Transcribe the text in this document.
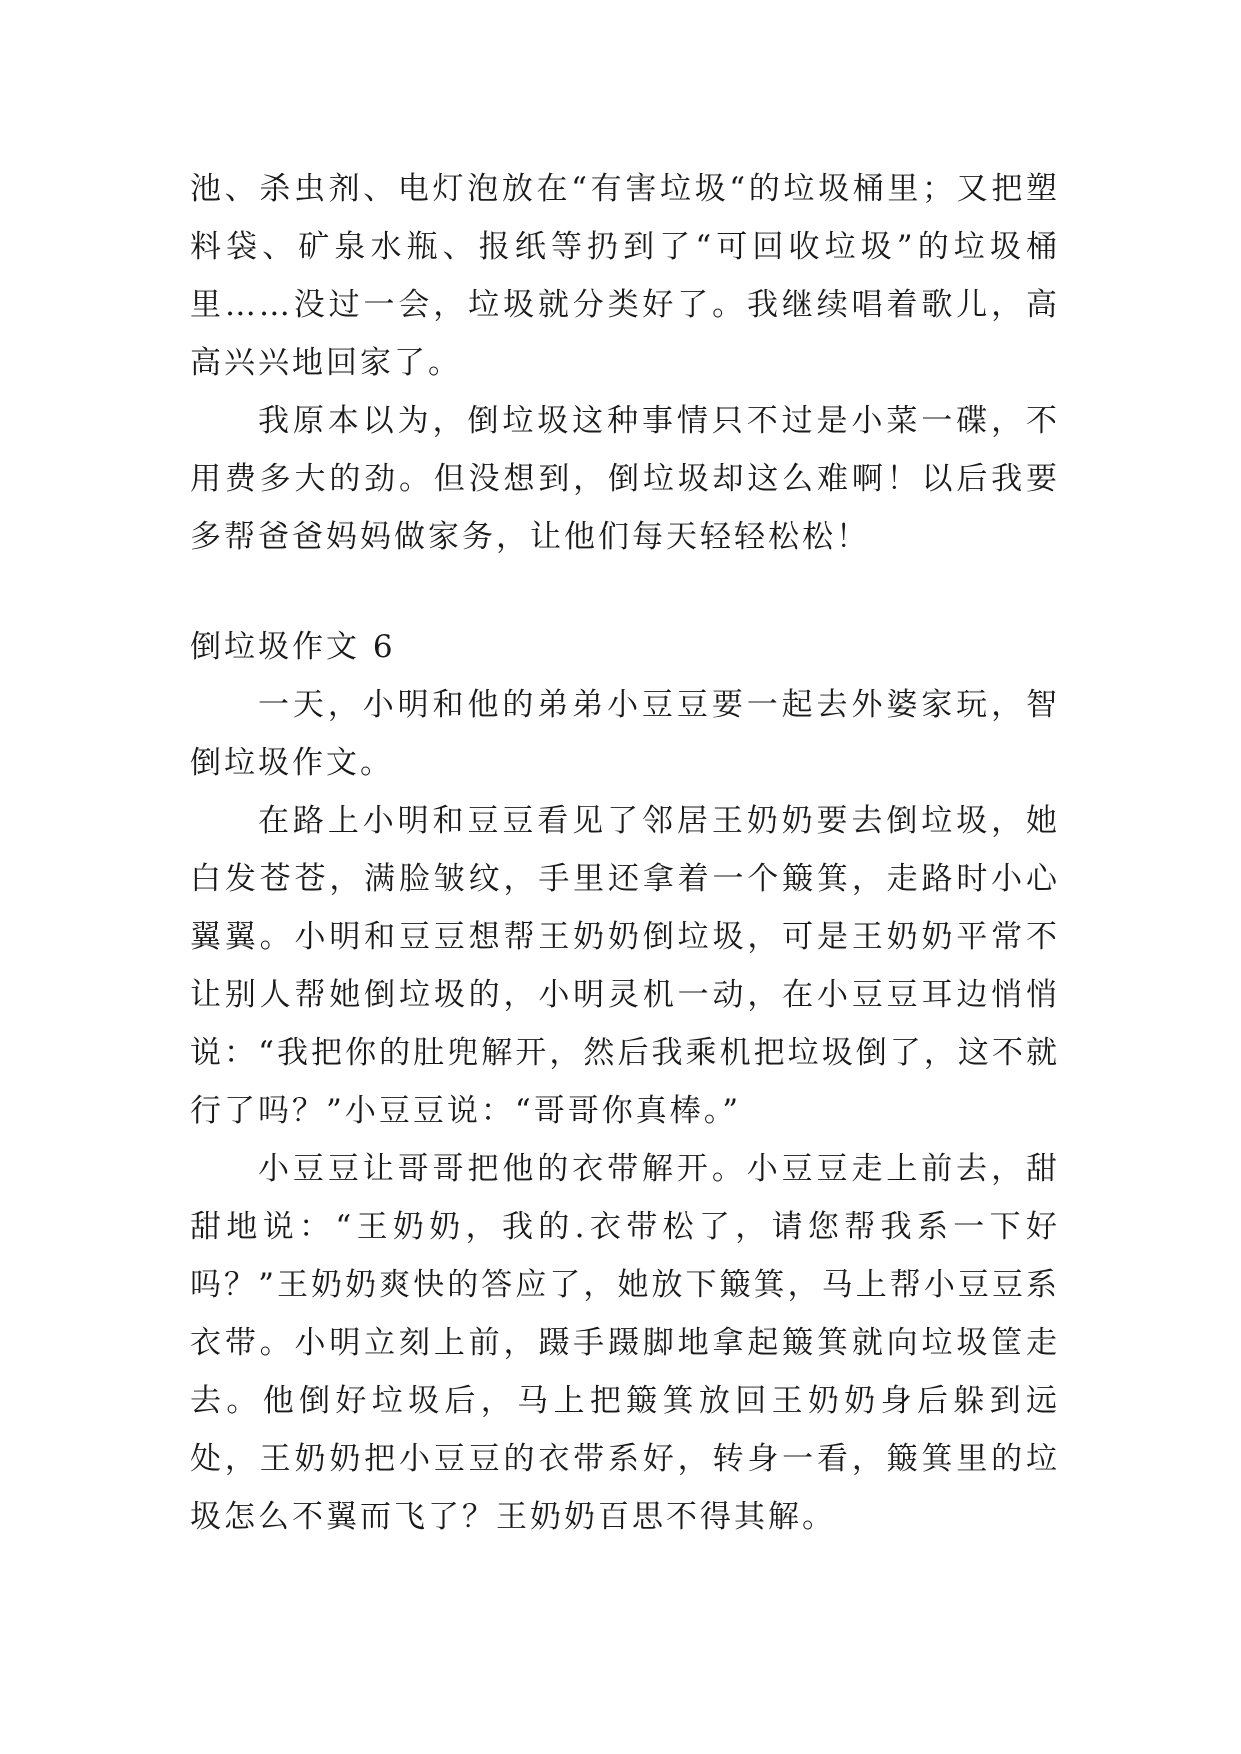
池、杀虫剂、电灯泡放在“有害垃圾“的垃圾桶里；又把塑料袋、矿泉水瓶、报纸等扔到了“可回收垃圾”的垃圾桶里……没过一会，垃圾就分类好了。我继续唱着歌儿，高高兴兴地回家了。

我原本以为，倒垃圾这种事情只不过是小菜一碟，不用费多大的劲。但没想到，倒垃圾却这么难啊！以后我要多帮爸爸妈妈做家务，让他们每天轻轻松松！

倒垃圾作文 6

一天，小明和他的弟弟小豆豆要一起去外婆家玩，智倒垃圾作文。

在路上小明和豆豆看见了邻居王奶奶要去倒垃圾，她白发苍苍，满脸皱纹，手里还拿着一个簸箕，走路时小心翼翼。小明和豆豆想帮王奶奶倒垃圾，可是王奶奶平常不让别人帮她倒垃圾的，小明灵机一动，在小豆豆耳边悄悄说：“我把你的肚兜解开，然后我乘机把垃圾倒了，这不就行了吗？”小豆豆说：“哥哥你真棒。”

小豆豆让哥哥把他的衣带解开。小豆豆走上前去，甜甜地说：“王奶奶，我的.衣带松了，请您帮我系一下好吗？”王奶奶爽快的答应了，她放下簸箕，马上帮小豆豆系衣带。小明立刻上前，蹑手蹑脚地拿起簸箕就向垃圾筐走去。他倒好垃圾后，马上把簸箕放回王奶奶身后躲到远处，王奶奶把小豆豆的衣带系好，转身一看，簸箕里的垃圾怎么不翼而飞了？王奶奶百思不得其解。
